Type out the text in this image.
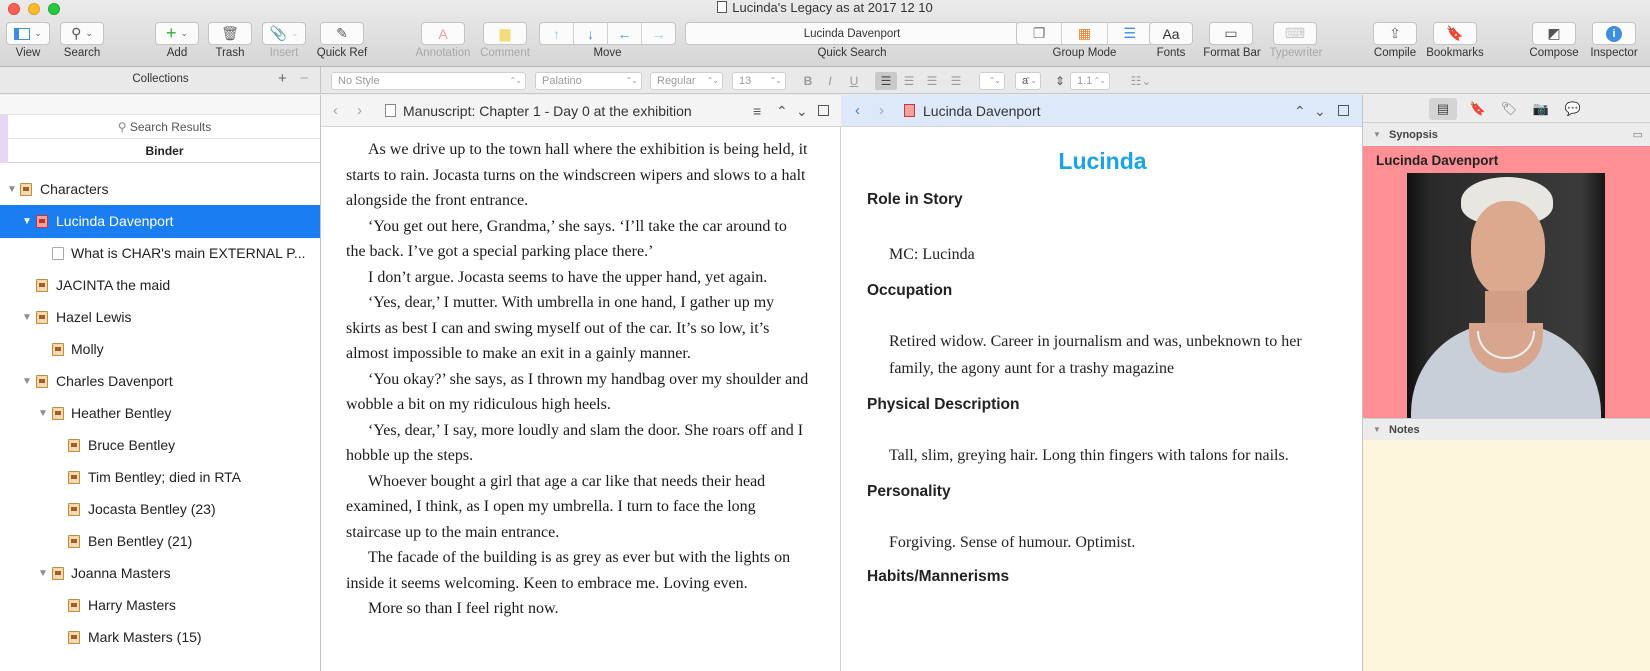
Lucinda's Legacy as at 2017 12 10
⌄
View
⚲ ⌄
Search
+ ⌄
Add
🗑
Trash
📎 ⌄
Insert
✎
Quick Ref
A
Annotation
▆
Comment
↑	↓	←	→
Move
Lucinda Davenport
Quick Search
❐	▦	☰
Group Mode
Aa
Fonts
▭
Format Bar
⌨
Typewriter
⇪
Compile
🔖
Bookmarks
◩
Compose
i
Inspector
Collections	+ −	No Style ⌃⌄	Palatino ⌃⌄	Regular ⌃⌄	13 ⌃⌄	B	I	U	☰	☰	☰	☰
⌃⌄	a ⌃⌄	⇕	1.1 ⌃⌄	☷⌄
⚲ Search Results
Binder
▼ Characters
▼ Lucinda Davenport
What is CHAR's main EXTERNAL P...
JACINTA the maid
▼ Hazel Lewis
Molly
▼ Charles Davenport
▼ Heather Bentley
Bruce Bentley
Tim Bentley; died in RTA
Jocasta Bentley (23)
Ben Bentley (21)
▼ Joanna Masters
Harry Masters
Mark Masters (15)
‹ ›	Manuscript: Chapter 1 - Day 0 at the exhibition	≡ ⌃ ⌄

As we drive up to the town hall where the exhibition is being held, it starts to rain. Jocasta turns on the windscreen wipers and slows to a halt alongside the front entrance.

‘You get out here, Grandma,’ she says. ‘I’ll take the car around to the back. I’ve got a special parking place there.’

I don’t argue. Jocasta seems to have the upper hand, yet again.

‘Yes, dear,’ I mutter. With umbrella in one hand, I gather up my skirts as best I can and swing myself out of the car. It’s so low, it’s almost impossible to make an exit in a gainly manner.

‘You okay?’ she says, as I thrown my handbag over my shoulder and wobble a bit on my ridiculous high heels.

‘Yes, dear,’ I say, more loudly and slam the door. She roars off and I hobble up the steps.

Whoever bought a girl that age a car like that needs their head examined, I think, as I open my umbrella. I turn to face the long staircase up to the main entrance.

The facade of the building is as grey as ever but with the lights on inside it seems welcoming. Keen to embrace me. Loving even.

More so than I feel right now.

‹ ›	Lucinda Davenport	⌃ ⌄
Lucinda
Role in Story
MC: Lucinda
Occupation
Retired widow. Career in journalism and was, unbeknown to her family, the agony aunt for a trashy magazine
Physical Description
Tall, slim, greying hair. Long thin fingers with talons for nails.
Personality
Forgiving. Sense of humour. Optimist.
Habits/Mannerisms
▤	🔖 🏷 📷 💬
▼ Synopsis	▭
Lucinda Davenport
▼ Notes
